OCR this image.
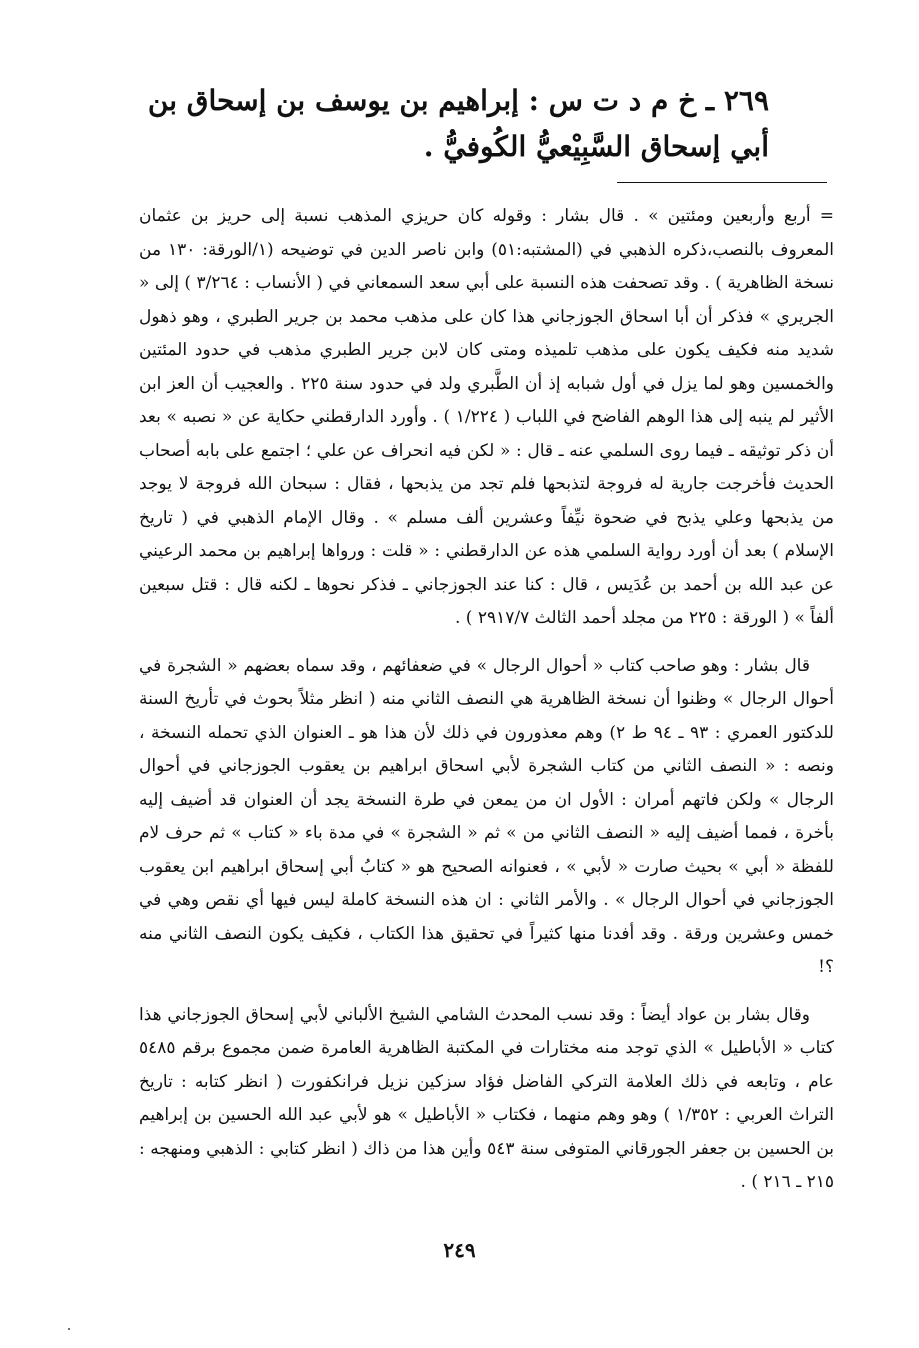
٢٦٩ ـ خ م د ت س : إبراهيم بن يوسف بن إسحاق بن أبي إسحاق السَّبِيْعيُّ الكُوفيُّ .

= أربع وأربعين ومئتين » . قال بشار : وقوله كان حريزي المذهب نسبة إلى حريز بن عثمان المعروف بالنصب،ذكره الذهبي في (المشتبه:٥١) وابن ناصر الدين في توضيحه (١/الورقة: ١٣٠ من نسخة الظاهرية ) . وقد تصحفت هذه النسبة على أبي سعد السمعاني في ( الأنساب : ٣/٢٦٤ ) إلى « الجريري » فذكر أن أبا اسحاق الجوزجاني هذا كان على مذهب محمد بن جرير الطبري ، وهو ذهول شديد منه فكيف يكون على مذهب تلميذه ومتى كان لابن جرير الطبري مذهب في حدود المئتين والخمسين وهو لما يزل في أول شبابه إذ أن الطَّبري ولد في حدود سنة ٢٢٥ . والعجيب أن العز ابن الأثير لم ينبه إلى هذا الوهم الفاضح في اللباب ( ١/٢٢٤ ) . وأورد الدارقطني حكاية عن « نصبه » بعد أن ذكر توثيقه ـ فيما روى السلمي عنه ـ قال : « لكن فيه انحراف عن علي ؛ اجتمع على بابه أصحاب الحديث فأخرجت جارية له فروجة لتذبحها فلم تجد من يذبحها ، فقال : سبحان الله فروجة لا يوجد من يذبحها وعلي يذبح في ضحوة نيِّفاً وعشرين ألف مسلم » . وقال الإمام الذهبي في ( تاريخ الإسلام ) بعد أن أورد رواية السلمي هذه عن الدارقطني : « قلت : ورواها إبراهيم بن محمد الرعيني عن عبد الله بن أحمد بن عُدَيس ، قال : كنا عند الجوزجاني ـ فذكر نحوها ـ لكنه قال : قتل سبعين ألفاً » ( الورقة : ٢٢٥ من مجلد أحمد الثالث ٢٩١٧/٧ ) .

قال بشار : وهو صاحب كتاب « أحوال الرجال » في ضعفائهم ، وقد سماه بعضهم « الشجرة في أحوال الرجال » وظنوا أن نسخة الظاهرية هي النصف الثاني منه ( انظر مثلاً بحوث في تأريخ السنة للدكتور العمري : ٩٣ ـ ٩٤ ط ٢) وهم معذورون في ذلك لأن هذا هو ـ العنوان الذي تحمله النسخة ، ونصه : « النصف الثاني من كتاب الشجرة لأبي اسحاق ابراهيم بن يعقوب الجوزجاني في أحوال الرجال » ولكن فاتهم أمران : الأول ان من يمعن في طرة النسخة يجد أن العنوان قد أضيف إليه بأخرة ، فمما أضيف إليه « النصف الثاني من » ثم « الشجرة » في مدة باء « كتاب » ثم حرف لام للفظة « أبي » بحيث صارت « لأبي » ، فعنوانه الصحيح هو « كتابُ أبي إسحاق ابراهيم ابن يعقوب الجوزجاني في أحوال الرجال » . والأمر الثاني : ان هذه النسخة كاملة ليس فيها أي نقص وهي في خمس وعشرين ورقة . وقد أفدنا منها كثيراً في تحقيق هذا الكتاب ، فكيف يكون النصف الثاني منه ؟!

وقال بشار بن عواد أيضاً : وقد نسب المحدث الشامي الشيخ الألباني لأبي إسحاق الجوزجاني هذا كتاب « الأباطيل » الذي توجد منه مختارات في المكتبة الظاهرية العامرة ضمن مجموع برقم ٥٤٨٥ عام ، وتابعه في ذلك العلامة التركي الفاضل فؤاد سزكين نزيل فرانكفورت ( انظر كتابه : تاريخ التراث العربي : ١/٣٥٢ ) وهو وهم منهما ، فكتاب « الأباطيل » هو لأبي عبد الله الحسين بن إبراهيم بن الحسين بن جعفر الجورقاني المتوفى سنة ٥٤٣ وأين هذا من ذاك ( انظر كتابي : الذهبي ومنهجه : ٢١٥ ـ ٢١٦ ) .

٢٤٩
